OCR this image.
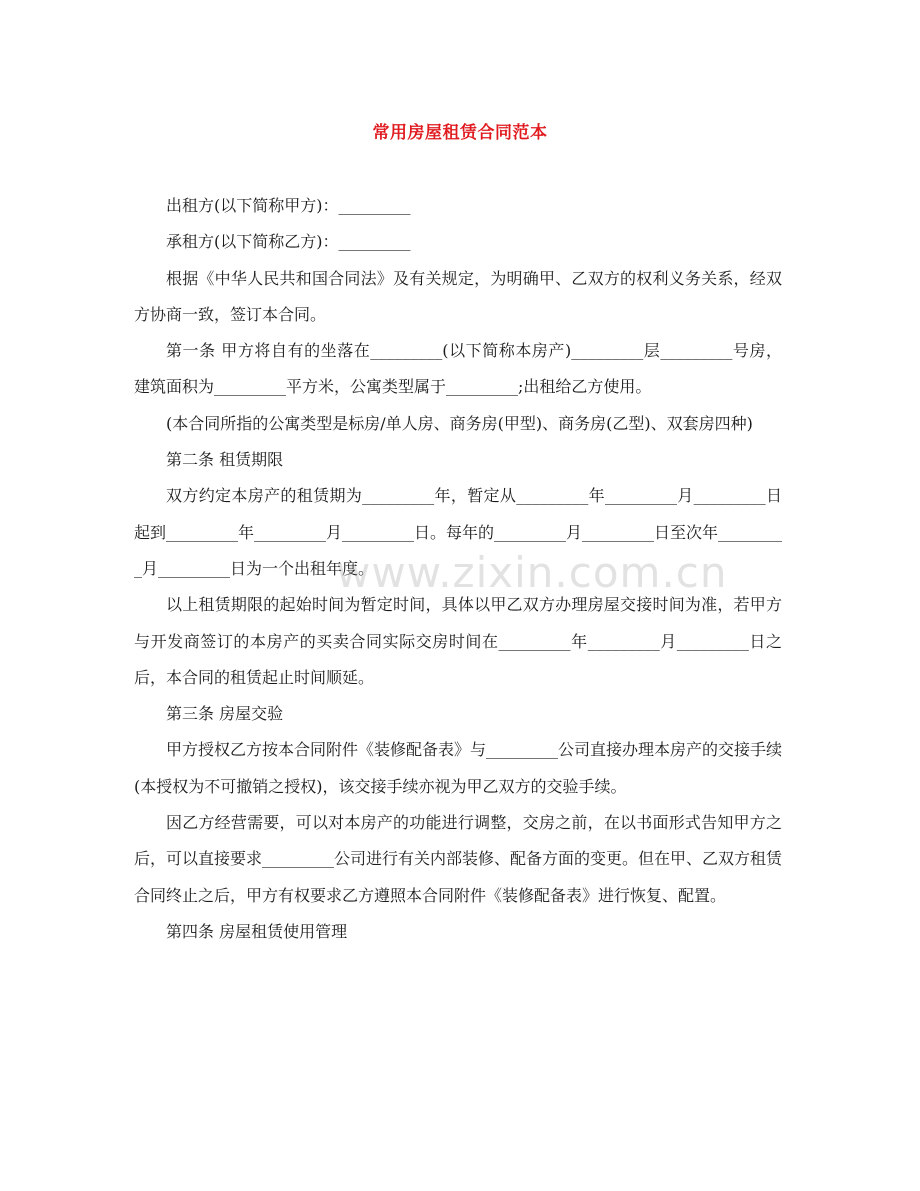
常用房屋租赁合同范本

出租方(以下简称甲方)：_________

承租方(以下简称乙方)：_________

根据《中华人民共和国合同法》及有关规定，为明确甲、乙双方的权利义务关系，经双方协商一致，签订本合同。

第一条 甲方将自有的坐落在_________(以下简称本房产)_________层_________号房，建筑面积为_________平方米，公寓类型属于_________;出租给乙方使用。

(本合同所指的公寓类型是标房/单人房、商务房(甲型)、商务房(乙型)、双套房四种)

第二条 租赁期限

双方约定本房产的租赁期为_________年，暂定从_________年_________月_________日起到_________年_________月_________日。每年的_________月_________日至次年_________月_________日为一个出租年度。

以上租赁期限的起始时间为暂定时间，具体以甲乙双方办理房屋交接时间为准，若甲方与开发商签订的本房产的买卖合同实际交房时间在_________年_________月_________日之后，本合同的租赁起止时间顺延。

第三条 房屋交验

甲方授权乙方按本合同附件《装修配备表》与_________公司直接办理本房产的交接手续(本授权为不可撤销之授权)，该交接手续亦视为甲乙双方的交验手续。

因乙方经营需要，可以对本房产的功能进行调整，交房之前，在以书面形式告知甲方之后，可以直接要求_________公司进行有关内部装修、配备方面的变更。但在甲、乙双方租赁合同终止之后，甲方有权要求乙方遵照本合同附件《装修配备表》进行恢复、配置。

第四条 房屋租赁使用管理

www.zixin.com.cn
